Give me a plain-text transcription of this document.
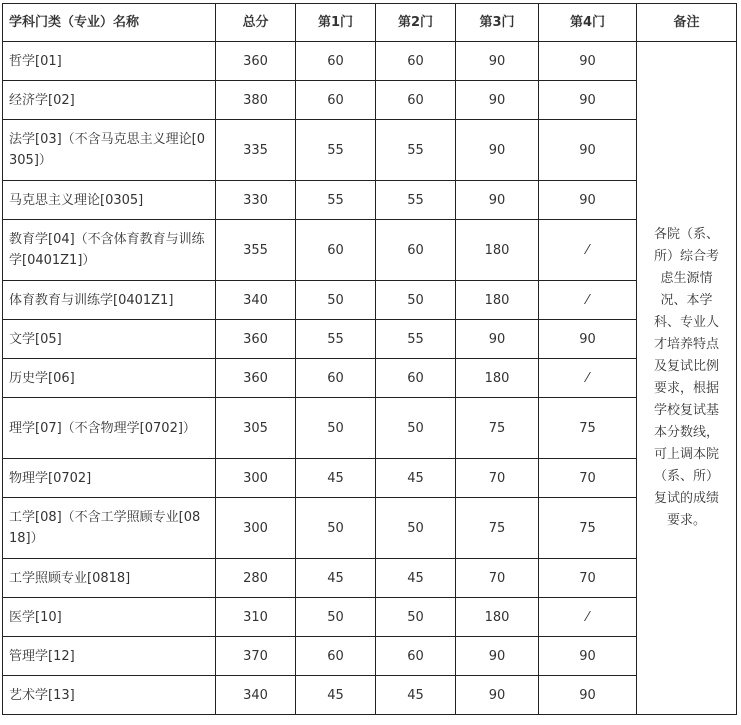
学科门类（专业）名称	总分	第1门	第2门	第3门	第4门	备注
哲学[01]	360	60	60	90	90	各院（系、所）综合考虑生源情况、本学科、专业人才培养特点及复试比例要求，根据学校复试基本分数线，可上调本院（系、所）复试的成绩要求。
经济学[02]	380	60	60	90	90	
法学[03]（不含马克思主义理论[0305]）	335	55	55	90	90	
马克思主义理论[0305]	330	55	55	90	90	
教育学[04]（不含体育教育与训练学[0401Z1]）	355	60	60	180	⁄	
体育教育与训练学[0401Z1]	340	50	50	180	⁄	
文学[05]	360	55	55	90	90	
历史学[06]	360	60	60	180	⁄	
理学[07]（不含物理学[0702]）	305	50	50	75	75	
物理学[0702]	300	45	45	70	70	
工学[08]（不含工学照顾专业[0818]）	300	50	50	75	75	
工学照顾专业[0818]	280	45	45	70	70	
医学[10]	310	50	50	180	⁄	
管理学[12]	370	60	60	90	90	
艺术学[13]	340	45	45	90	90	
